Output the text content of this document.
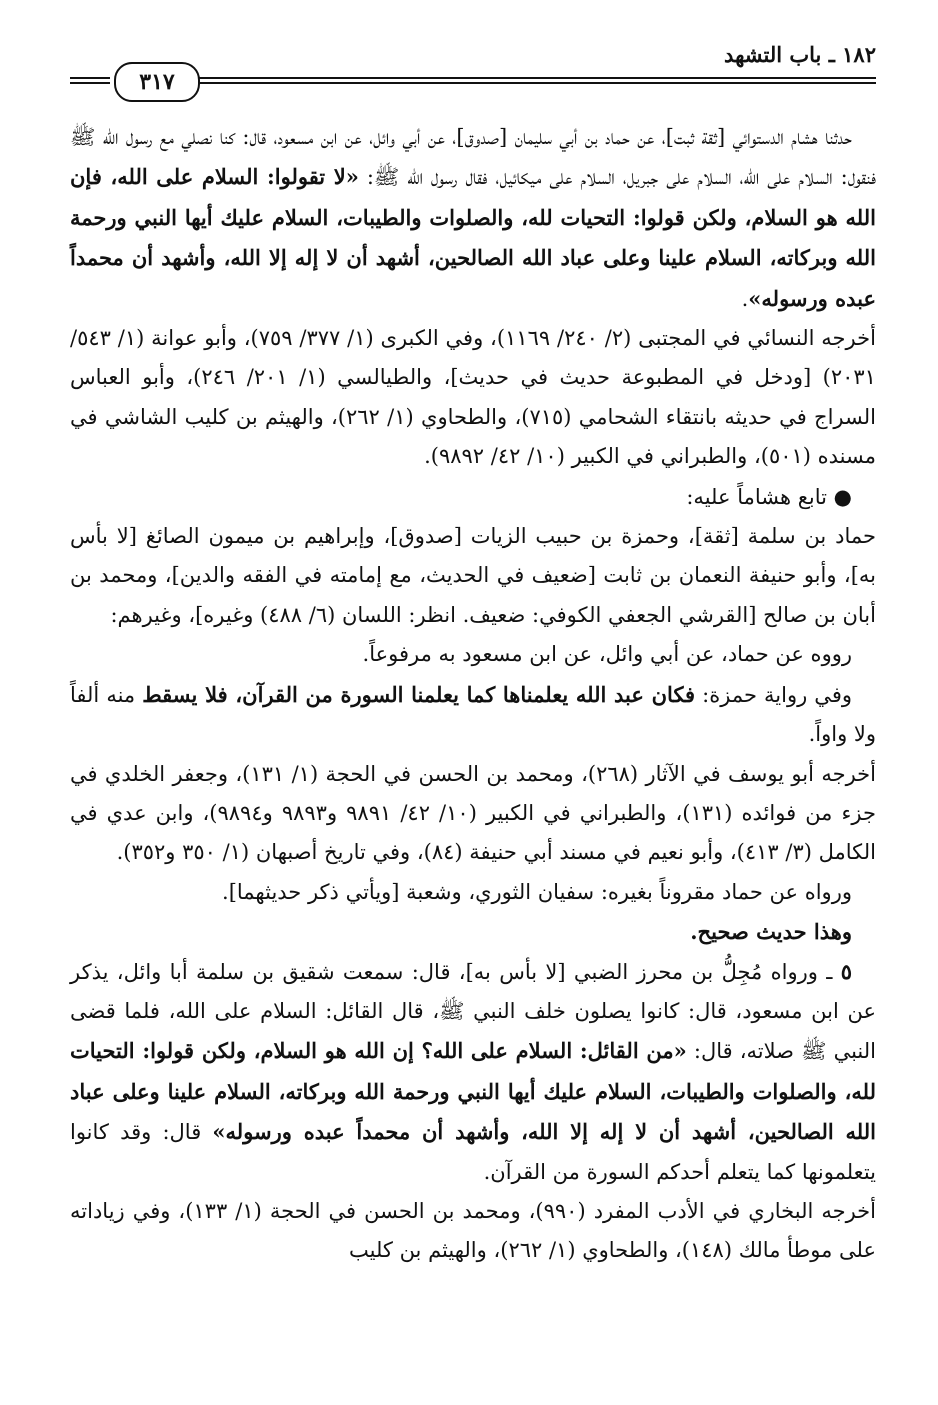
١٨٢ ـ باب التشهد
٣١٧

حدثنا هشام الدستوائي [ثقة ثبت]، عن حماد بن أبي سليمان [صدوق]، عن أبي وائل، عن ابن مسعود، قال: كنا نصلي مع رسول الله ﷺ فنقول: السلام على الله، السلام على جبريل، السلام على ميكائيل، فقال رسول الله ﷺ: «لا تقولوا: السلام على الله، فإن الله هو السلام، ولكن قولوا: التحيات لله، والصلوات والطيبات، السلام عليك أيها النبي ورحمة الله وبركاته، السلام علينا وعلى عباد الله الصالحين، أشهد أن لا إله إلا الله، وأشهد أن محمداً عبده ورسوله».

أخرجه النسائي في المجتبى (٢/ ٢٤٠/ ١١٦٩)، وفي الكبرى (١/ ٣٧٧/ ٧٥٩)، وأبو عوانة (١/ ٥٤٣/ ٢٠٣١) [ودخل في المطبوعة حديث في حديث]، والطيالسي (١/ ٢٠١/ ٢٤٦)، وأبو العباس السراج في حديثه بانتقاء الشحامي (٧١٥)، والطحاوي (١/ ٢٦٢)، والهيثم بن كليب الشاشي في مسنده (٥٠١)، والطبراني في الكبير (١٠/ ٤٢/ ٩٨٩٢).

● تابع هشاماً عليه:

حماد بن سلمة [ثقة]، وحمزة بن حبيب الزيات [صدوق]، وإبراهيم بن ميمون الصائغ [لا بأس به]، وأبو حنيفة النعمان بن ثابت [ضعيف في الحديث، مع إمامته في الفقه والدين]، ومحمد بن أبان بن صالح [القرشي الجعفي الكوفي: ضعيف. انظر: اللسان (٦/ ٤٨٨) وغيره]، وغيرهم:

رووه عن حماد، عن أبي وائل، عن ابن مسعود به مرفوعاً.

وفي رواية حمزة: فكان عبد الله يعلمناها كما يعلمنا السورة من القرآن، فلا يسقط منه ألفاً ولا واواً.

أخرجه أبو يوسف في الآثار (٢٦٨)، ومحمد بن الحسن في الحجة (١/ ١٣١)، وجعفر الخلدي في جزء من فوائده (١٣١)، والطبراني في الكبير (١٠/ ٤٢/ ٩٨٩١ و٩٨٩٣ و٩٨٩٤)، وابن عدي في الكامل (٣/ ٤١٣)، وأبو نعيم في مسند أبي حنيفة (٨٤)، وفي تاريخ أصبهان (١/ ٣٥٠ و٣٥٢).

ورواه عن حماد مقروناً بغيره: سفيان الثوري، وشعبة [ويأتي ذكر حديثهما].

وهذا حديث صحيح.

٥ ـ ورواه مُجِلُّ بن محرز الضبي [لا بأس به]، قال: سمعت شقيق بن سلمة أبا وائل، يذكر عن ابن مسعود، قال: كانوا يصلون خلف النبي ﷺ، قال القائل: السلام على الله، فلما قضى النبي ﷺ صلاته، قال: «من القائل: السلام على الله؟ إن الله هو السلام، ولكن قولوا: التحيات لله، والصلوات والطيبات، السلام عليك أيها النبي ورحمة الله وبركاته، السلام علينا وعلى عباد الله الصالحين، أشهد أن لا إله إلا الله، وأشهد أن محمداً عبده ورسوله» قال: وقد كانوا يتعلمونها كما يتعلم أحدكم السورة من القرآن.

أخرجه البخاري في الأدب المفرد (٩٩٠)، ومحمد بن الحسن في الحجة (١/ ١٣٣)، وفي زياداته على موطأ مالك (١٤٨)، والطحاوي (١/ ٢٦٢)، والهيثم بن كليب
